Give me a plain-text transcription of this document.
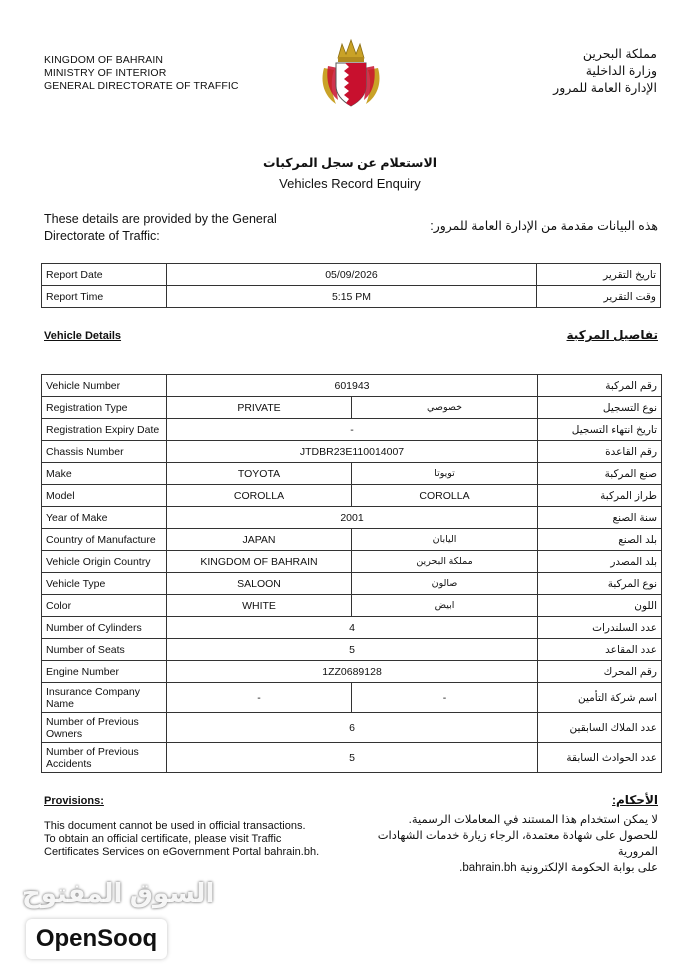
KINGDOM OF BAHRAIN
MINISTRY OF INTERIOR
GENERAL DIRECTORATE OF TRAFFIC
مملكة البحرين
وزارة الداخلية
الإدارة العامة للمرور
الاستعلام عن سجل المركبات
Vehicles Record Enquiry
These details are provided by the General Directorate of Traffic:
هذه البيانات مقدمة من الإدارة العامة للمرور:
Report Date	05/09/2026	تاريخ التقرير
Report Time	5:15 PM	وقت التقرير
Vehicle Details	تفاصيل المركبة
Vehicle Number	601943		رقم المركبة
Registration Type	PRIVATE	خصوصي	نوع التسجيل
Registration Expiry Date	-		تاريخ انتهاء التسجيل
Chassis Number	JTDBR23E110014007		رقم القاعدة
Make	TOYOTA	تويوتا	صنع المركبة
Model	COROLLA	COROLLA	طراز المركبة
Year of Make	2001		سنة الصنع
Country of Manufacture	JAPAN	اليابان	بلد الصنع
Vehicle Origin Country	KINGDOM OF BAHRAIN	مملكة البحرين	بلد المصدر
Vehicle Type	SALOON	صالون	نوع المركبة
Color	WHITE	ابيض	اللون
Number of Cylinders	4		عدد السلندرات
Number of Seats	5		عدد المقاعد
Engine Number	1ZZ0689128		رقم المحرك
Insurance Company Name	-	-	اسم شركة التأمين
Number of Previous Owners	6		عدد الملاك السابقين
Number of Previous Accidents	5		عدد الحوادث السابقة
Provisions:	الأحكام:
This document cannot be used in official transactions.
To obtain an official certificate, please visit Traffic
Certificates Services on eGovernment Portal bahrain.bh.
لا يمكن استخدام هذا المستند في المعاملات الرسمية.
للحصول على شهادة معتمدة، الرجاء زيارة خدمات الشهادات المرورية
على بوابة الحكومة الإلكترونية bahrain.bh.
السوق المفتوح
OpenSooq
